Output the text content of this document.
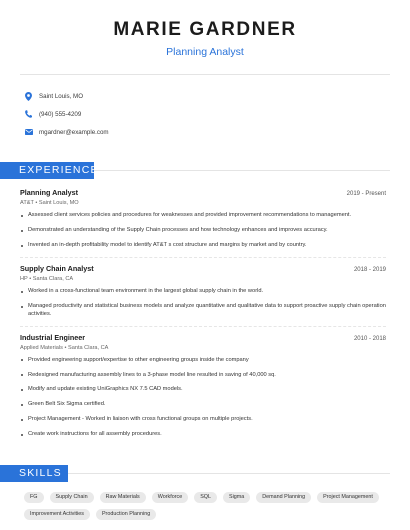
MARIE GARDNER
Planning Analyst
Saint Louis, MO
(940) 555-4209
mgardner@example.com
EXPERIENCE
Planning Analyst	2019 - Present
AT&T • Saint Louis, MO
Assessed client services policies and procedures for weaknesses and provided improvement recommendations to management.
Demonstrated an understanding of the Supply Chain processes and how technology enhances and improves accuracy.
Invented an in-depth profitability model to identify AT&T s cost structure and margins by market and by country.
Supply Chain Analyst	2018 - 2019
HP • Santa Clara, CA
Worked in a cross-functional team environment in the largest global supply chain in the world.
Managed productivity and statistical business models and analyze quantitative and qualitative data to support proactive supply chain operation activities.
Industrial Engineer	2010 - 2018
Applied Materials • Santa Clara, CA
Provided engineering support/expertise to other engineering groups inside the company
Redesigned manufacturing assembly lines to a 3-phase model line resulted in saving of 40,000 sq.
Modify and update existing UniGraphics NX 7.5 CAD models.
Green Belt Six Sigma certified.
Project Management - Worked in liaison with cross functional groups on multiple projects.
Create work instructions for all assembly procedures.
SKILLS
FG	Supply Chain	Raw Materials	Workforce	SQL	Sigma	Demand Planning	Project Management
Improvement Activities	Production Planning
